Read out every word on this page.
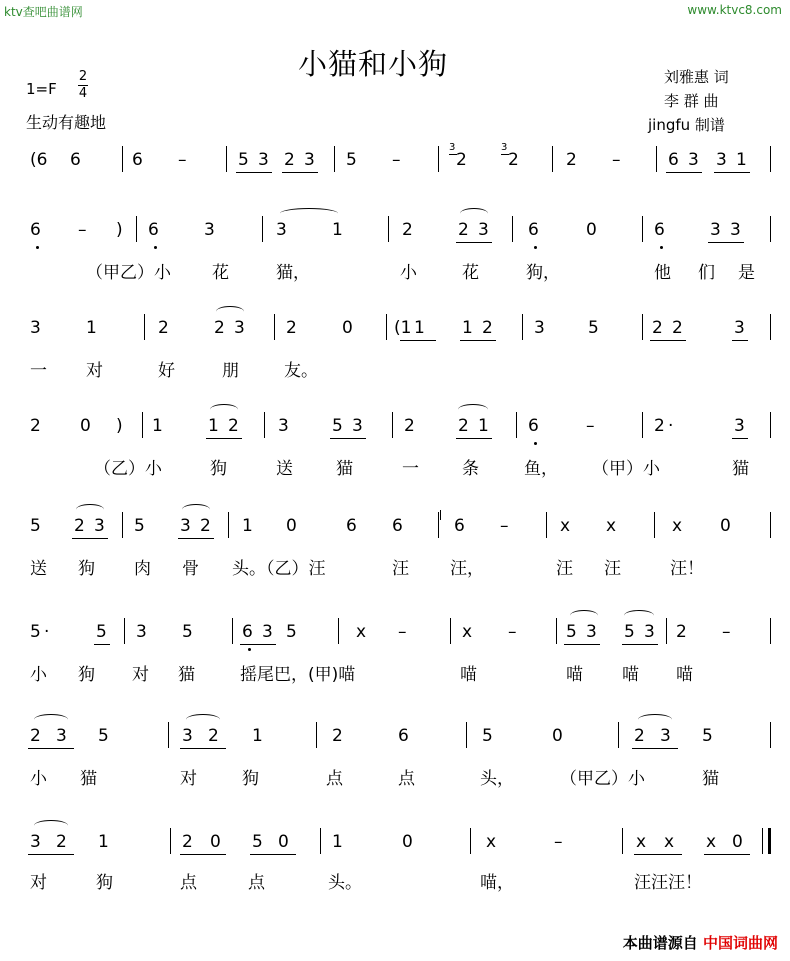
ktv查吧曲谱网	www.ktvc8.com
小猫和小狗
1=F
2
4
生动有趣地
刘雅惠 词
李 群 曲
jingfu 制谱
(6 6	6 –	5 3 2 3 5 –	2 2	2 –	6 3 3 1
3	3
6 – ) 6	3	3	1	2	2 3 6	0	6	3 3
3	1	2	2 3 2	0 (1 1 1 2 3	5	2 2	3
2 0 ) 1	1 2 3	5 3 2	2 1 6	–	2 ·	3
5 2 3 5 3 2 1 0	6 6	6 –	x x	x 0
5 ·	5 3 5	6 3 5	x –	x –	5 3 5 3 2 –
2 3 5	3 2 1	2	6	5	0	2 3 5
3 2 1	2 0 5 0	1	0	x	–	x x x 0
（甲乙）小 花	猫，	小	花	狗，	他 们 是
一 对	好	朋	友。
（乙）小	狗	送	猫	一	条	鱼， （甲）小	猫
送 狗 肉 骨 头。（乙）汪	汪 汪，	汪 汪	汪！
小 狗 对 猫	摇尾巴，(甲)喵	喵	喵 喵 喵
小 猫	对	狗	点	点	头，	（甲乙）小	猫
对	狗	点	点	头。	喵，	汪汪汪！
本曲谱源自 中国词曲网
